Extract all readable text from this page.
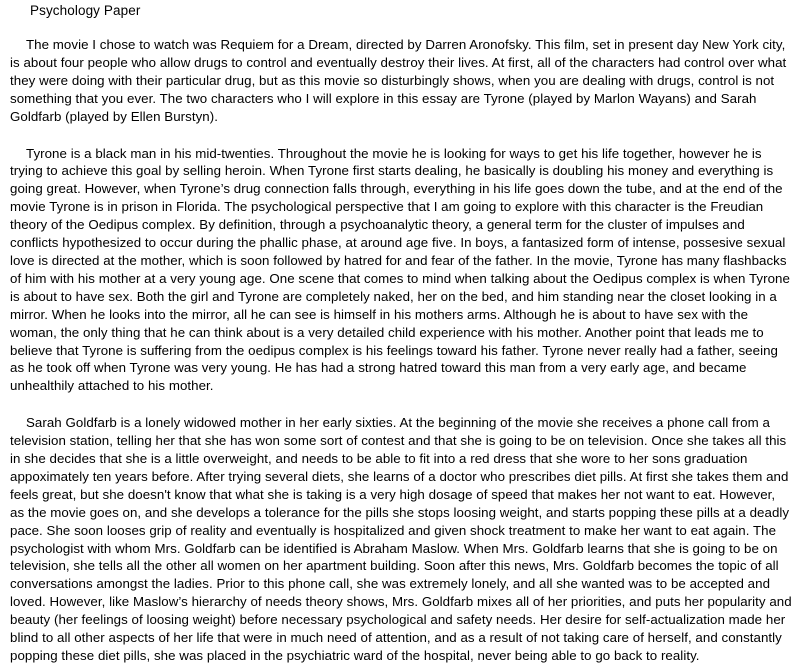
Psychology Paper

The movie I chose to watch was Requiem for a Dream, directed by Darren Aronofsky. This film, set in present day New York city, is about four people who allow drugs to control and eventually destroy their lives. At first, all of the characters had control over what they were doing with their particular drug, but as this movie so disturbingly shows, when you are dealing with drugs, control is not something that you ever. The two characters who I will explore in this essay are Tyrone (played by Marlon Wayans) and Sarah Goldfarb (played by Ellen Burstyn).

Tyrone is a black man in his mid-twenties. Throughout the movie he is looking for ways to get his life together, however he is trying to achieve this goal by selling heroin. When Tyrone first starts dealing, he basically is doubling his money and everything is going great. However, when Tyrone’s drug connection falls through, everything in his life goes down the tube, and at the end of the movie Tyrone is in prison in Florida. The psychological perspective that I am going to explore with this character is the Freudian theory of the Oedipus complex. By definition, through a psychoanalytic theory, a general term for the cluster of impulses and conflicts hypothesized to occur during the phallic phase, at around age five. In boys, a fantasized form of intense, possesive sexual love is directed at the mother, which is soon followed by hatred for and fear of the father. In the movie, Tyrone has many flashbacks of him with his mother at a very young age. One scene that comes to mind when talking about the Oedipus complex is when Tyrone is about to have sex. Both the girl and Tyrone are completely naked, her on the bed, and him standing near the closet looking in a mirror. When he looks into the mirror, all he can see is himself in his mothers arms. Although he is about to have sex with the woman, the only thing that he can think about is a very detailed child experience with his mother. Another point that leads me to believe that Tyrone is suffering from the oedipus complex is his feelings toward his father. Tyrone never really had a father, seeing as he took off when Tyrone was very young. He has had a strong hatred toward this man from a very early age, and became unhealthily attached to his mother.

Sarah Goldfarb is a lonely widowed mother in her early sixties. At the beginning of the movie she receives a phone call from a television station, telling her that she has won some sort of contest and that she is going to be on television. Once she takes all this in she decides that she is a little overweight, and needs to be able to fit into a red dress that she wore to her sons graduation appoximately ten years before. After trying several diets, she learns of a doctor who prescribes diet pills. At first she takes them and feels great, but she doesn't know that what she is taking is a very high dosage of speed that makes her not want to eat. However, as the movie goes on, and she develops a tolerance for the pills she stops loosing weight, and starts popping these pills at a deadly pace. She soon looses grip of reality and eventually is hospitalized and given shock treatment to make her want to eat again. The psychologist with whom Mrs. Goldfarb can be identified is Abraham Maslow. When Mrs. Goldfarb learns that she is going to be on television, she tells all the other all women on her apartment building. Soon after this news, Mrs. Goldfarb becomes the topic of all conversations amongst the ladies. Prior to this phone call, she was extremely lonely, and all she wanted was to be accepted and loved. However, like Maslow’s hierarchy of needs theory shows, Mrs. Goldfarb mixes all of her priorities, and puts her popularity and beauty (her feelings of loosing weight) before necessary psychological and safety needs. Her desire for self-actualization made her blind to all other aspects of her life that were in much need of attention, and as a result of not taking care of herself, and constantly popping these diet pills, she was placed in the psychiatric ward of the hospital, never being able to go back to reality.
